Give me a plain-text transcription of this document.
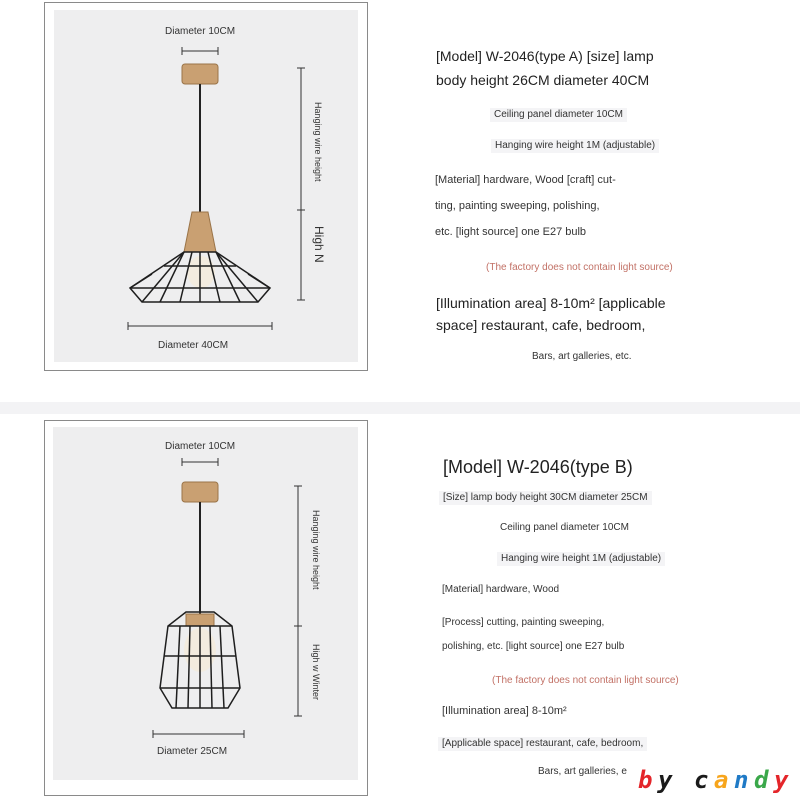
Diameter 10CM
Diameter 40CM
Hanging wire height
High N
[Model] W-2046(type A) [size] lamp
body height 26CM diameter 40CM
Ceiling panel diameter 10CM
Hanging wire height 1M (adjustable)
[Material] hardware, Wood [craft] cut-
ting, painting sweeping, polishing,
etc. [light source] one E27 bulb
(The factory does not contain light source)
[Illumination area] 8-10m² [applicable
space] restaurant, cafe, bedroom,
Bars, art galleries, etc.
Diameter 10CM
Diameter 25CM
Hanging wire height
High w Winter
[Model] W-2046(type B)
[Size] lamp body height 30CM diameter 25CM
Ceiling panel diameter 10CM
Hanging wire height 1M (adjustable)
[Material] hardware, Wood
[Process] cutting, painting sweeping,
polishing, etc. [light source] one E27 bulb
(The factory does not contain light source)
[Illumination area] 8-10m²
[Applicable space] restaurant, cafe, bedroom,
Bars, art galleries, e b y c a n d y
